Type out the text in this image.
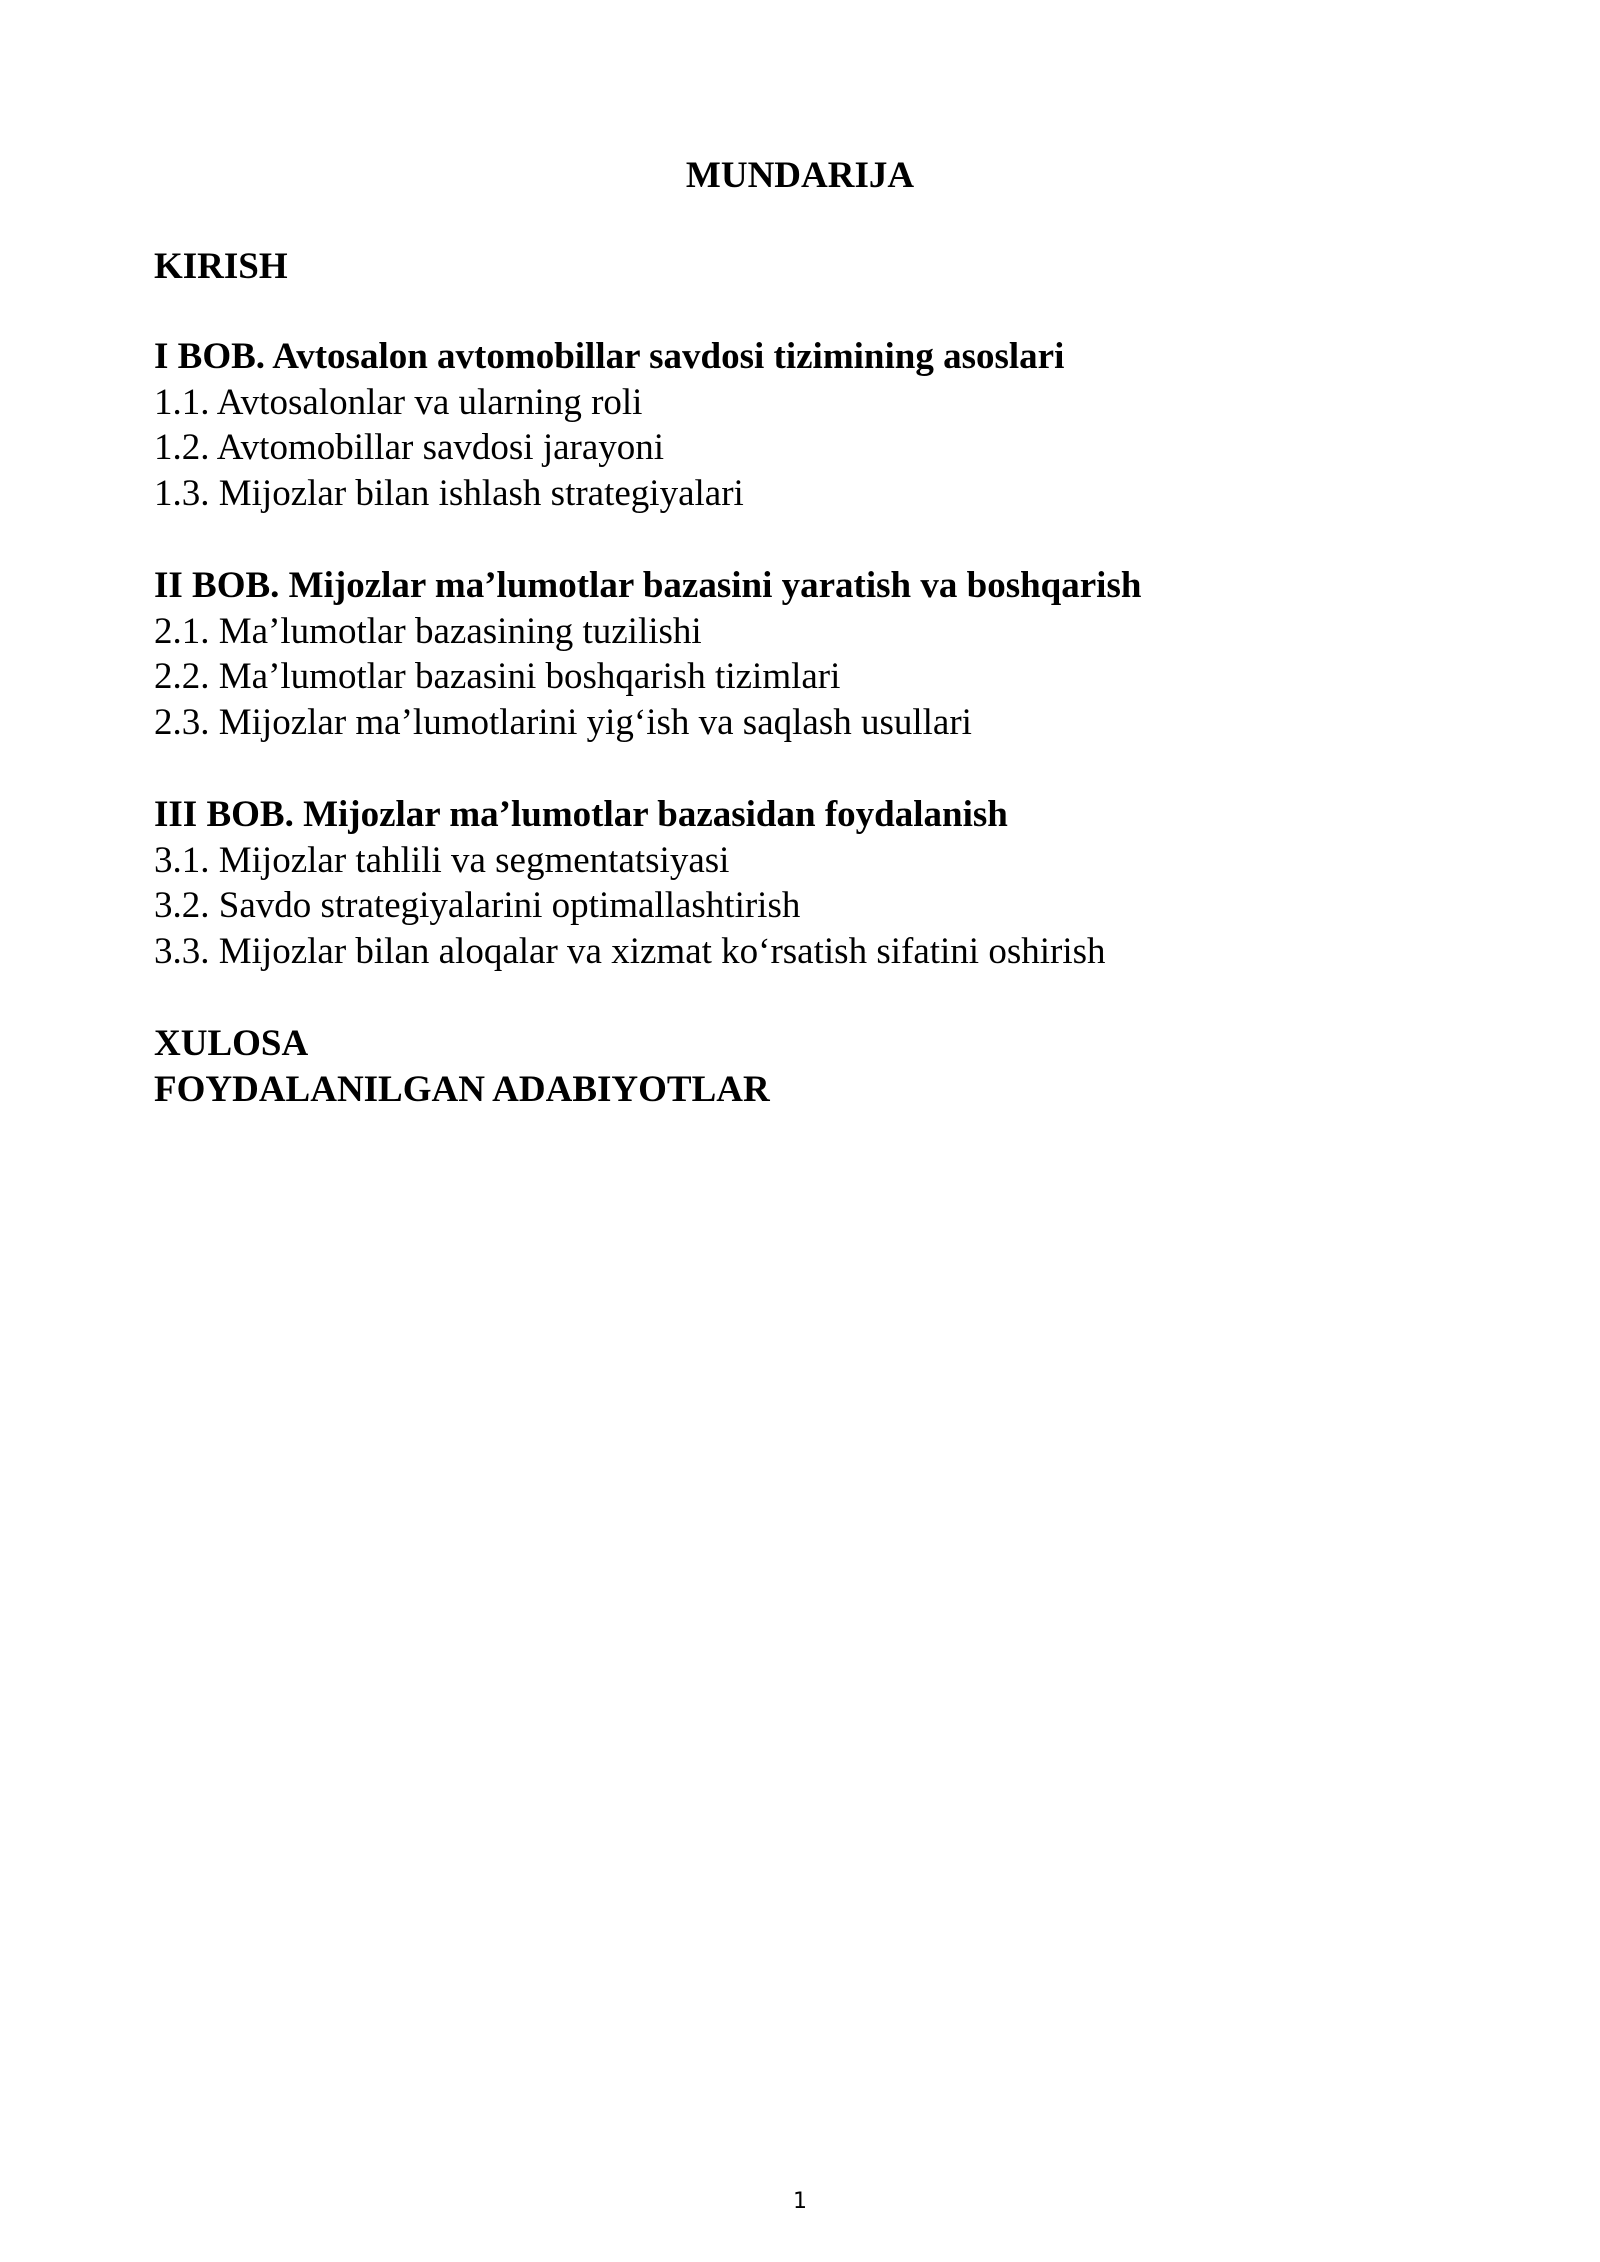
MUNDARIJA

KIRISH

I BOB. Avtosalon avtomobillar savdosi tizimining asoslari

1.1. Avtosalonlar va ularning roli

1.2. Avtomobillar savdosi jarayoni

1.3. Mijozlar bilan ishlash strategiyalari

II BOB. Mijozlar ma’lumotlar bazasini yaratish va boshqarish

2.1. Ma’lumotlar bazasining tuzilishi

2.2. Ma’lumotlar bazasini boshqarish tizimlari

2.3. Mijozlar ma’lumotlarini yig‘ish va saqlash usullari

III BOB. Mijozlar ma’lumotlar bazasidan foydalanish

3.1. Mijozlar tahlili va segmentatsiyasi

3.2. Savdo strategiyalarini optimallashtirish

3.3. Mijozlar bilan aloqalar va xizmat ko‘rsatish sifatini oshirish

XULOSA

FOYDALANILGAN ADABIYOTLAR

1
